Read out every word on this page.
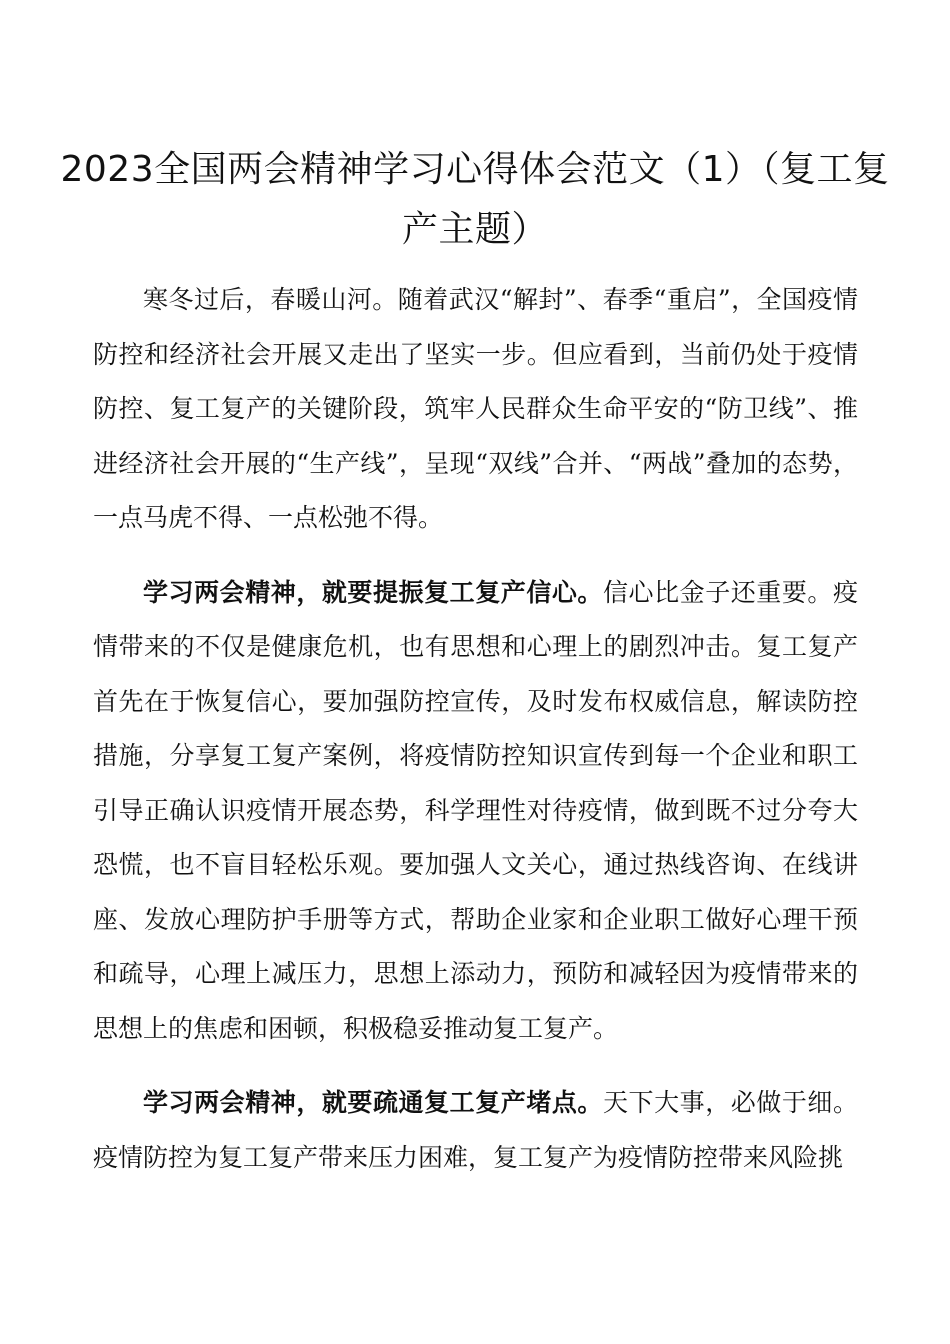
2023全国两会精神学习心得体会范文（1）（复工复产主题）

寒冬过后，春暖山河。随着武汉“解封”、春季“重启”，全国疫情防控和经济社会开展又走出了坚实一步。但应看到，当前仍处于疫情防控、复工复产的关键阶段，筑牢人民群众生命平安的“防卫线”、推进经济社会开展的“生产线”，呈现“双线”合并、“两战”叠加的态势，一点马虎不得、一点松弛不得。

学习两会精神，就要提振复工复产信心。信心比金子还重要。疫情带来的不仅是健康危机，也有思想和心理上的剧烈冲击。复工复产首先在于恢复信心，要加强防控宣传，及时发布权威信息，解读防控措施，分享复工复产案例，将疫情防控知识宣传到每一个企业和职工引导正确认识疫情开展态势，科学理性对待疫情，做到既不过分夸大恐慌，也不盲目轻松乐观。要加强人文关心，通过热线咨询、在线讲座、发放心理防护手册等方式，帮助企业家和企业职工做好心理干预和疏导，心理上减压力，思想上添动力，预防和减轻因为疫情带来的思想上的焦虑和困顿，积极稳妥推动复工复产。

学习两会精神，就要疏通复工复产堵点。天下大事，必做于细。疫情防控为复工复产带来压力困难，复工复产为疫情防控带来风险挑
